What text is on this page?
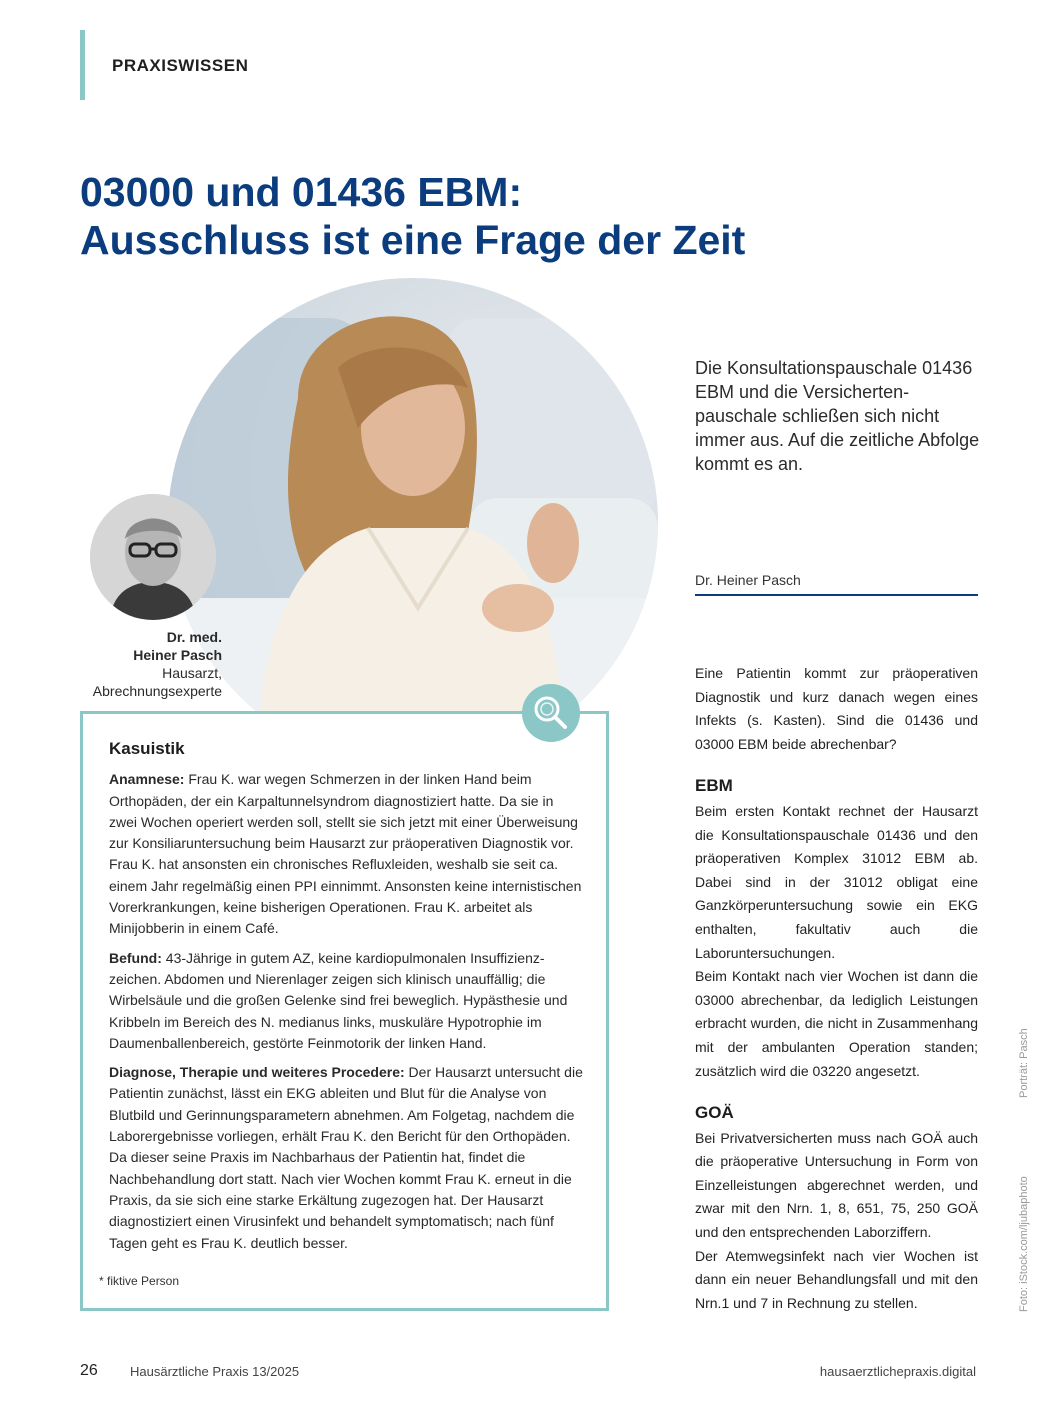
PRAXISWISSEN
03000 und 01436 EBM:
Ausschluss ist eine Frage der Zeit
Dr. med.
Heiner Pasch
Hausarzt,
Abrechnungsexperte
Die Konsultationspauschale 01436 EBM und die Versichertenpauschale schließen sich nicht immer aus. Auf die zeitliche Abfolge kommt es an.
Dr. Heiner Pasch

Eine Patientin kommt zur präoperativen Diagnostik und kurz danach wegen eines Infekts (s. Kasten). Sind die 01436 und 03000 EBM beide abrechenbar?

EBM

Beim ersten Kontakt rechnet der Hausarzt die Konsultationspauschale 01436 und den präoperativen Komplex 31012 EBM ab. Dabei sind in der 31012 obligat eine Ganzkörperuntersuchung sowie ein EKG enthalten, fakultativ auch die Laboruntersuchungen.

Beim Kontakt nach vier Wochen ist dann die 03000 abrechenbar, da lediglich Leistungen erbracht wurden, die nicht in Zusammenhang mit der ambulanten Operation standen; zusätzlich wird die 03220 angesetzt.

GOÄ

Bei Privatversicherten muss nach GOÄ auch die präoperative Untersuchung in Form von Einzelleistungen abgerechnet werden, und zwar mit den Nrn. 1, 8, 651, 75, 250 GOÄ und den entsprechenden Laborziffern.

Der Atemwegsinfekt nach vier Wochen ist dann ein neuer Behandlungsfall und mit den Nrn.1 und 7 in Rechnung zu stellen.

Kasuistik

Anamnese: Frau K. war wegen Schmerzen in der linken Hand beim Orthopäden, der ein Karpaltunnelsyndrom diagnostiziert hatte. Da sie in zwei Wochen operiert werden soll, stellt sie sich jetzt mit einer Überweisung zur Konsiliaruntersuchung beim Hausarzt zur präoperativen Diagnostik vor. Frau K. hat ansonsten ein chronisches Refluxleiden, weshalb sie seit ca. einem Jahr regelmäßig einen PPI einnimmt. Ansonsten keine internistischen Vorerkrankungen, keine bisherigen Operationen. Frau K. arbeitet als Minijobberin in einem Café.

Befund: 43-Jährige in gutem AZ, keine kardiopulmonalen Insuffizienzzeichen. Abdomen und Nierenlager zeigen sich klinisch unauffällig; die Wirbelsäule und die großen Gelenke sind frei beweglich. Hypästhesie und Kribbeln im Bereich des N. medianus links, muskuläre Hypotrophie im Daumenballenbereich, gestörte Feinmotorik der linken Hand.

Diagnose, Therapie und weiteres Procedere: Der Hausarzt untersucht die Patientin zunächst, lässt ein EKG ableiten und Blut für die Analyse von Blutbild und Gerinnungsparametern abnehmen. Am Folgetag, nachdem die Laborergebnisse vorliegen, erhält Frau K. den Bericht für den Orthopäden. Da dieser seine Praxis im Nachbarhaus der Patientin hat, findet die Nachbehandlung dort statt. Nach vier Wochen kommt Frau K. erneut in die Praxis, da sie sich eine starke Erkältung zugezogen hat. Der Hausarzt diagnostiziert einen Virusinfekt und behandelt symptomatisch; nach fünf Tagen geht es Frau K. deutlich besser.

* fiktive Person
Porträt: Pasch
Foto: iStock.com/ljubaphoto
26 Hausärztliche Praxis 13/2025	hausaerztlichepraxis.digital
